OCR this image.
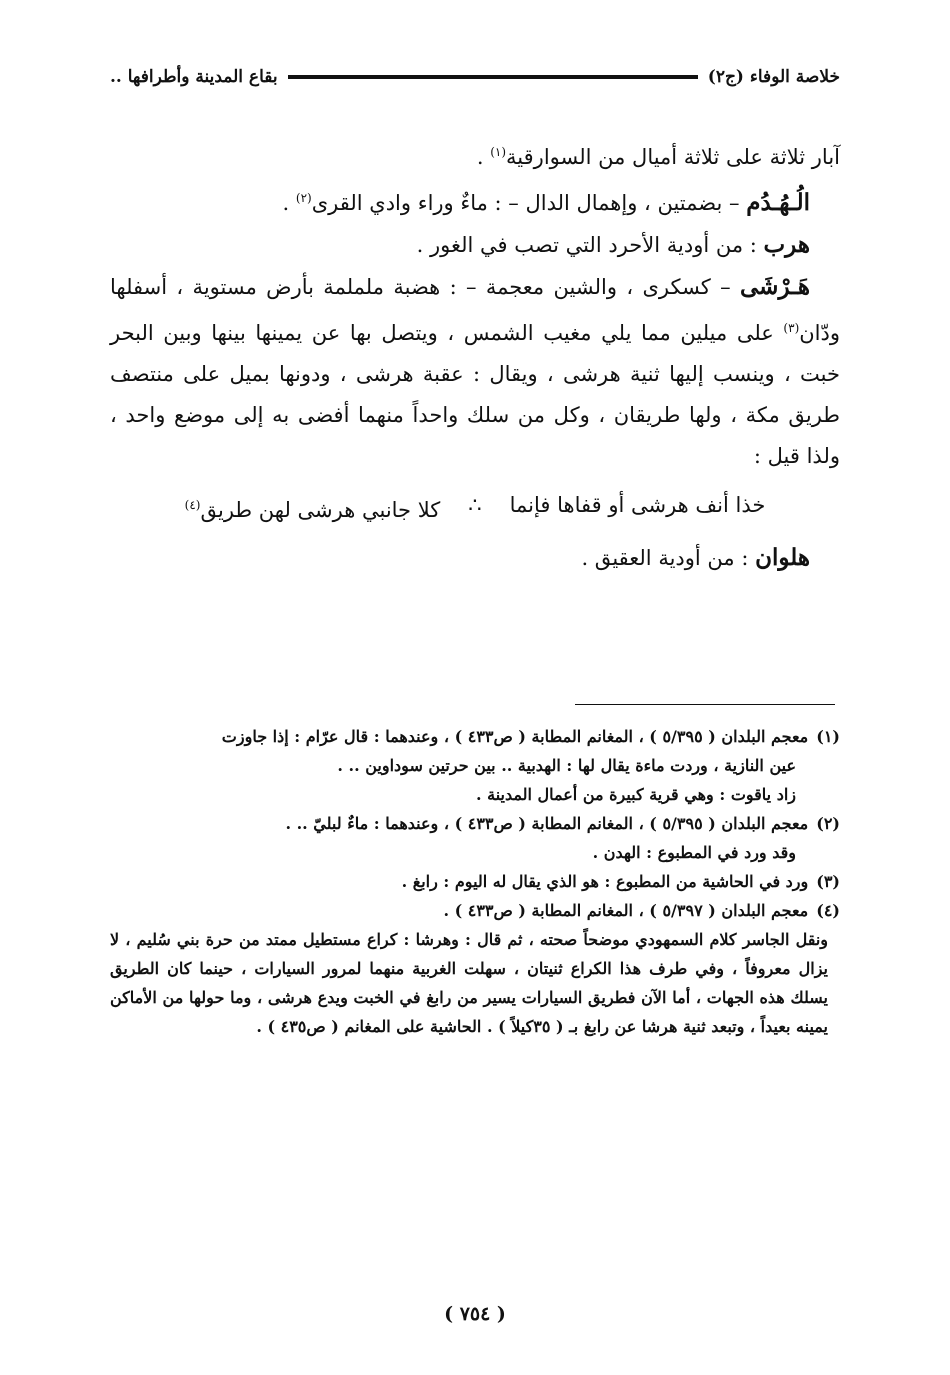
خلاصة الوفاء (ج٢)
بقاع المدينة وأطرافها ..

آبار ثلاثة على ثلاثة أميال من السوارقية$^{(١)}$ .

الُـهُـدُم – بضمتين ، وإهمال الدال – : ماءٌ وراء وادي القرى$^{(٢)}$ .

هرب : من أودية الأحرد التي تصب في الغور .

هَـرْشَى – كسكرى ، والشين معجمة – : هضبة ململمة بأرض مستوية ، أسفلها ودّان$^{(٣)}$ على ميلين مما يلي مغيب الشمس ، ويتصل بها عن يمينها بينها وبين البحر خبت ، وينسب إليها ثنية هرشى ، ويقال : عقبة هرشى ، ودونها بميل على منتصف طريق مكة ، ولها طريقان ، وكل من سلك واحداً منهما أفضى به إلى موضع واحد ، ولذا قيل :

خذا أنف هرشى أو قفاها فإنما
∴
كلا جانبي هرشى لهن طريق$^{(٤)}$

هلوان : من أودية العقيق .

(١)
معجم البلدان ( ٥/٣٩٥ ) ، المغانم المطابة ( ص٤٣٣ ) ، وعندهما : قال عرّام : إذا جاوزت
عين النازية ، وردت ماءة يقال لها : الهدبية .. بين حرتين سوداوين .. .
زاد ياقوت : وهي قرية كبيرة من أعمال المدينة .
(٢)
معجم البلدان ( ٥/٣٩٥ ) ، المغانم المطابة ( ص٤٣٣ ) ، وعندهما : ماءٌ لبليّ .. .
وقد ورد في المطبوع : الهدن .
(٣)
ورد في الحاشية من المطبوع : هو الذي يقال له اليوم : رابغ .
(٤)
معجم البلدان ( ٥/٣٩٧ ) ، المغانم المطابة ( ص٤٣٣ ) .
ونقل الجاسر كلام السمهودي موضحاً صحته ، ثم قال : وهرشا : كراع مستطيل ممتد من حرة بني سُليم ، لا يزال معروفاً ، وفي طرف هذا الكراع ثنيتان ، سهلت الغربية منهما لمرور السيارات ، حينما كان الطريق يسلك هذه الجهات ، أما الآن فطريق السيارات يسير من رابغ في الخبت ويدع هرشى ، وما حولها من الأماكن يمينه بعيداً ، وتبعد ثنية هرشا عن رابغ بـ ( ٣٥كيلاً ) . الحاشية على المغانم ( ص٤٣٥ ) .
( ٧٥٤ )
